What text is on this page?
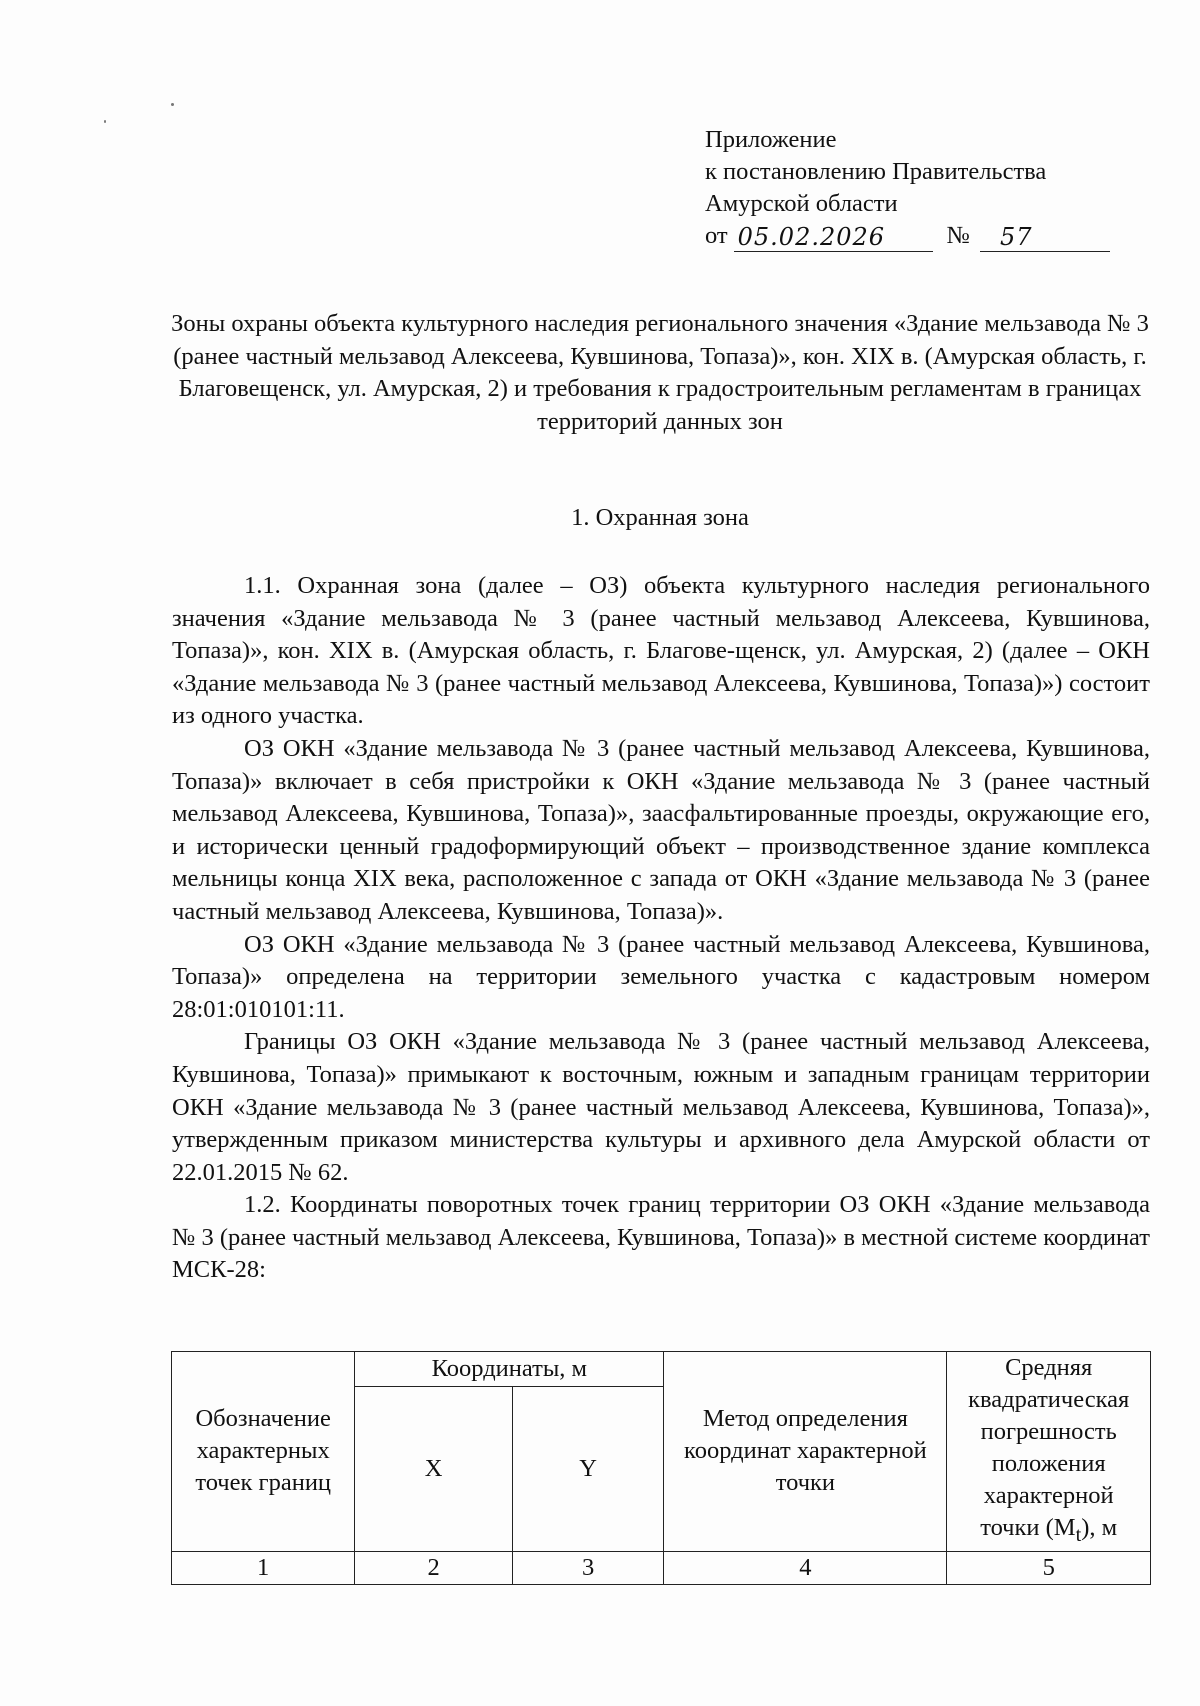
Приложение
к постановлению Правительства
Амурской области
от 05.02.2026	№	57
Зоны охраны объекта культурного наследия регионального значения «Здание мельзавода № 3 (ранее частный мельзавод Алексеева, Кувшинова, Топаза)», кон. XIX в. (Амурская область, г. Благовещенск, ул. Амурская, 2) и требования к градостроительным регламентам в границах территорий данных зон
1. Охранная зона

1.1. Охранная зона (далее – ОЗ) объекта культурного наследия регионального значения «Здание мельзавода № 3 (ранее частный мельзавод Алексеева, Кувшинова, Топаза)», кон. XIX в. (Амурская область, г. Благове-щенск, ул. Амурская, 2) (далее – ОКН «Здание мельзавода № 3 (ранее частный мельзавод Алексеева, Кувшинова, Топаза)») состоит из одного участка.

ОЗ ОКН «Здание мельзавода № 3 (ранее частный мельзавод Алексеева, Кувшинова, Топаза)» включает в себя пристройки к ОКН «Здание мельзавода № 3 (ранее частный мельзавод Алексеева, Кувшинова, Топаза)», заасфальтированные проезды, окружающие его, и исторически ценный градоформирующий объект – производственное здание комплекса мельницы конца XIX века, расположенное с запада от ОКН «Здание мельзавода № 3 (ранее частный мельзавод Алексеева, Кувшинова, Топаза)».

ОЗ ОКН «Здание мельзавода № 3 (ранее частный мельзавод Алексеева, Кувшинова, Топаза)» определена на территории земельного участка с кадастровым номером 28:01:010101:11.

Границы ОЗ ОКН «Здание мельзавода № 3 (ранее частный мельзавод Алексеева, Кувшинова, Топаза)» примыкают к восточным, южным и западным границам территории ОКН «Здание мельзавода № 3 (ранее частный мельзавод Алексеева, Кувшинова, Топаза)», утвержденным приказом министерства культуры и архивного дела Амурской области от 22.01.2015 № 62.

1.2. Координаты поворотных точек границ территории ОЗ ОКН «Здание мельзавода № 3 (ранее частный мельзавод Алексеева, Кувшинова, Топаза)» в местной системе координат МСК-28:

Обозначение характерных точек границ	Координаты, м		Метод определения координат характерной точки	Средняя квадратическая погрешность положения характерной точки $(M_t)$, м
	X	Y		
1	2	3	4	5
